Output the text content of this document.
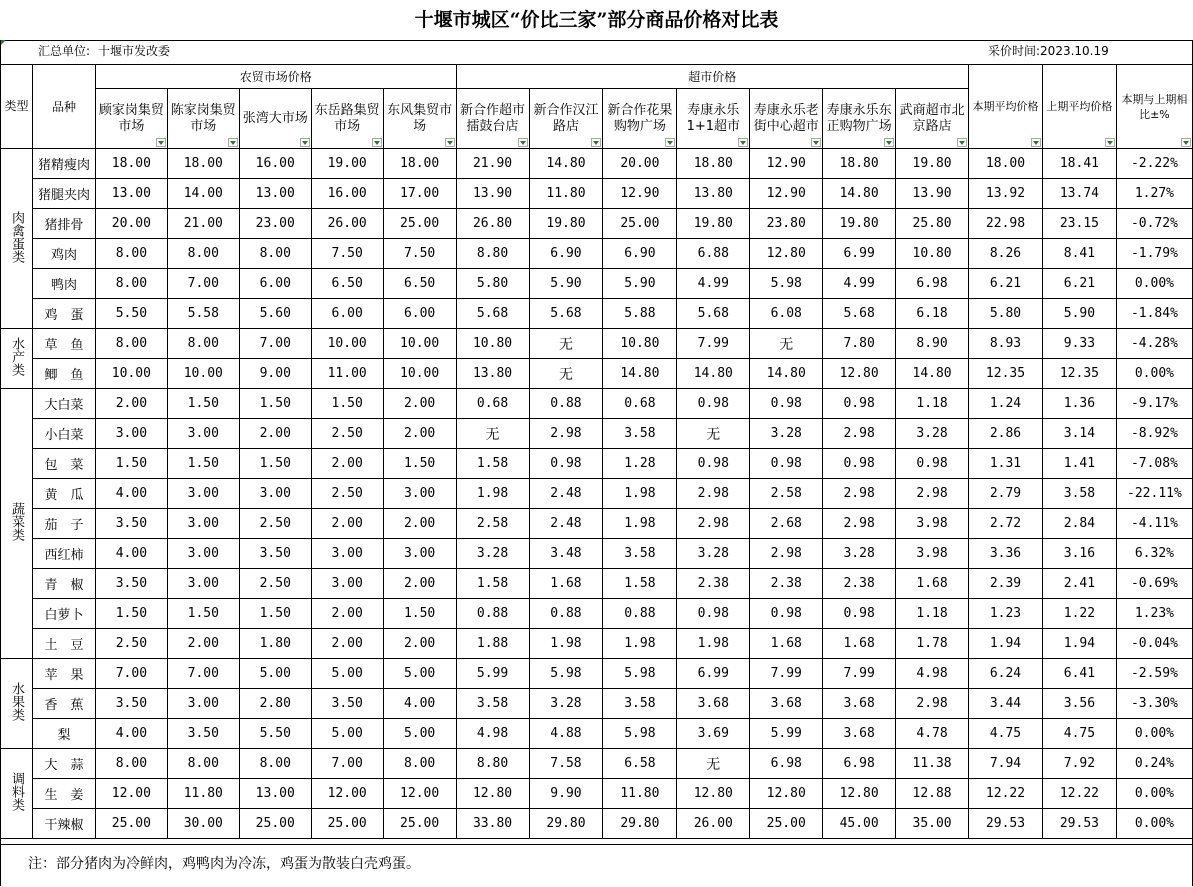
十堰市城区“价比三家”部分商品价格对比表
汇总单位: 十堰市发改委	采价时间:2023.10.19
类型	品种	农贸市场价格					超市价格							本期平均价格	上期平均价格	本期与上期相比±%

		顾家岗集贸市场	陈家岗集贸市场	张湾大市场	东岳路集贸市场	东风集贸市场	新合作超市擂鼓台店	新合作汉江路店	新合作花果购物广场	寿康永乐1+1超市	寿康永乐老街中心超市	寿康永乐东正购物广场	武商超市北京路店			

肉禽蛋类	猪精瘦肉	18.00	18.00	16.00	19.00	18.00	21.90	14.80	20.00	18.80	12.90	18.80	19.80	18.00	18.41	-2.22%
	猪腿夹肉	13.00	14.00	13.00	16.00	17.00	13.90	11.80	12.90	13.80	12.90	14.80	13.90	13.92	13.74	1.27%
	猪排骨	20.00	21.00	23.00	26.00	25.00	26.80	19.80	25.00	19.80	23.80	19.80	25.80	22.98	23.15	-0.72%
	鸡肉	8.00	8.00	8.00	7.50	7.50	8.80	6.90	6.90	6.88	12.80	6.99	10.80	8.26	8.41	-1.79%
	鸭肉	8.00	7.00	6.00	6.50	6.50	5.80	5.90	5.90	4.99	5.98	4.99	6.98	6.21	6.21	0.00%
	鸡　蛋	5.50	5.58	5.60	6.00	6.00	5.68	5.68	5.88	5.68	6.08	5.68	6.18	5.80	5.90	-1.84%
水产类	草　鱼	8.00	8.00	7.00	10.00	10.00	10.80	无	10.80	7.99	无	7.80	8.90	8.93	9.33	-4.28%
	鲫　鱼	10.00	10.00	9.00	11.00	10.00	13.80	无	14.80	14.80	14.80	12.80	14.80	12.35	12.35	0.00%
蔬菜类	大白菜	2.00	1.50	1.50	1.50	2.00	0.68	0.88	0.68	0.98	0.98	0.98	1.18	1.24	1.36	-9.17%
	小白菜	3.00	3.00	2.00	2.50	2.00	无	2.98	3.58	无	3.28	2.98	3.28	2.86	3.14	-8.92%
	包　菜	1.50	1.50	1.50	2.00	1.50	1.58	0.98	1.28	0.98	0.98	0.98	0.98	1.31	1.41	-7.08%
	黄　瓜	4.00	3.00	3.00	2.50	3.00	1.98	2.48	1.98	2.98	2.58	2.98	2.98	2.79	3.58	-22.11%
	茄　子	3.50	3.00	2.50	2.00	2.00	2.58	2.48	1.98	2.98	2.68	2.98	3.98	2.72	2.84	-4.11%
	西红柿	4.00	3.00	3.50	3.00	3.00	3.28	3.48	3.58	3.28	2.98	3.28	3.98	3.36	3.16	6.32%
	青　椒	3.50	3.00	2.50	3.00	2.00	1.58	1.68	1.58	2.38	2.38	2.38	1.68	2.39	2.41	-0.69%
	白萝卜	1.50	1.50	1.50	2.00	1.50	0.88	0.88	0.88	0.98	0.98	0.98	1.18	1.23	1.22	1.23%
	土　豆	2.50	2.00	1.80	2.00	2.00	1.88	1.98	1.98	1.98	1.68	1.68	1.78	1.94	1.94	-0.04%
水果类	苹　果	7.00	7.00	5.00	5.00	5.00	5.99	5.98	5.98	6.99	7.99	7.99	4.98	6.24	6.41	-2.59%
	香　蕉	3.50	3.00	2.80	3.50	4.00	3.58	3.28	3.58	3.68	3.68	3.68	2.98	3.44	3.56	-3.30%
	梨	4.00	3.50	5.50	5.00	5.00	4.98	4.88	5.98	3.69	5.99	3.68	4.78	4.75	4.75	0.00%
调料类	大　蒜	8.00	8.00	8.00	7.00	8.00	8.80	7.58	6.58	无	6.98	6.98	11.38	7.94	7.92	0.24%
	生　姜	12.00	11.80	13.00	12.00	12.00	12.80	9.90	11.80	12.80	12.80	12.80	12.88	12.22	12.22	0.00%
	干辣椒	25.00	30.00	25.00	25.00	25.00	33.80	29.80	29.80	26.00	25.00	45.00	35.00	29.53	29.53	0.00%
注：部分猪肉为冷鲜肉，鸡鸭肉为冷冻，鸡蛋为散装白壳鸡蛋。
